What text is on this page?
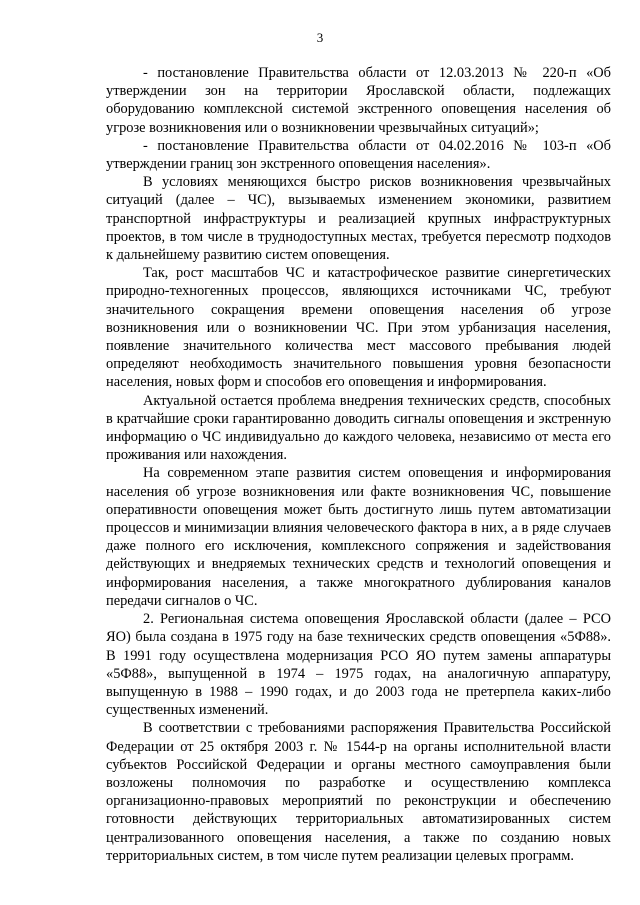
3

- постановление Правительства области от 12.03.2013 № 220-п «Об утверждении зон на территории Ярославской области, подлежащих оборудованию комплексной системой экстренного оповещения населения об угрозе возникновения или о возникновении чрезвычайных ситуаций»;

- постановление Правительства области от 04.02.2016 № 103-п «Об утверждении границ зон экстренного оповещения населения».

В условиях меняющихся быстро рисков возникновения чрезвычайных ситуаций (далее – ЧС), вызываемых изменением экономики, развитием транспортной инфраструктуры и реализацией крупных инфраструктурных проектов, в том числе в труднодоступных местах, требуется пересмотр подходов к дальнейшему развитию систем оповещения.

Так, рост масштабов ЧС и катастрофическое развитие синергетических природно-техногенных процессов, являющихся источниками ЧС, требуют значительного сокращения времени оповещения населения об угрозе возникновения или о возникновении ЧС. При этом урбанизация населения, появление значительного количества мест массового пребывания людей определяют необходимость значительного повышения уровня безопасности населения, новых форм и способов его оповещения и информирования.

Актуальной остается проблема внедрения технических средств, способных в кратчайшие сроки гарантированно доводить сигналы оповещения и экстренную информацию о ЧС индивидуально до каждого человека, независимо от места его проживания или нахождения.

На современном этапе развития систем оповещения и информирования населения об угрозе возникновения или факте возникновения ЧС, повышение оперативности оповещения может быть достигнуто лишь путем автоматизации процессов и минимизации влияния человеческого фактора в них, а в ряде случаев даже полного его исключения, комплексного сопряжения и задействования действующих и внедряемых технических средств и технологий оповещения и информирования населения, а также многократного дублирования каналов передачи сигналов о ЧС.

2. Региональная система оповещения Ярославской области (далее – РСО ЯО) была создана в 1975 году на базе технических средств оповещения «5Ф88». В 1991 году осуществлена модернизация РСО ЯО путем замены аппаратуры «5Ф88», выпущенной в 1974 – 1975 годах, на аналогичную аппаратуру, выпущенную в 1988 – 1990 годах, и до 2003 года не претерпела каких-либо существенных изменений.

В соответствии с требованиями распоряжения Правительства Российской Федерации от 25 октября 2003 г. № 1544-р на органы исполнительной власти субъектов Российской Федерации и органы местного самоуправления были возложены полномочия по разработке и осуществлению комплекса организационно-правовых мероприятий по реконструкции и обеспечению готовности действующих территориальных автоматизированных систем централизованного оповещения населения, а также по созданию новых территориальных систем, в том числе путем реализации целевых программ.
